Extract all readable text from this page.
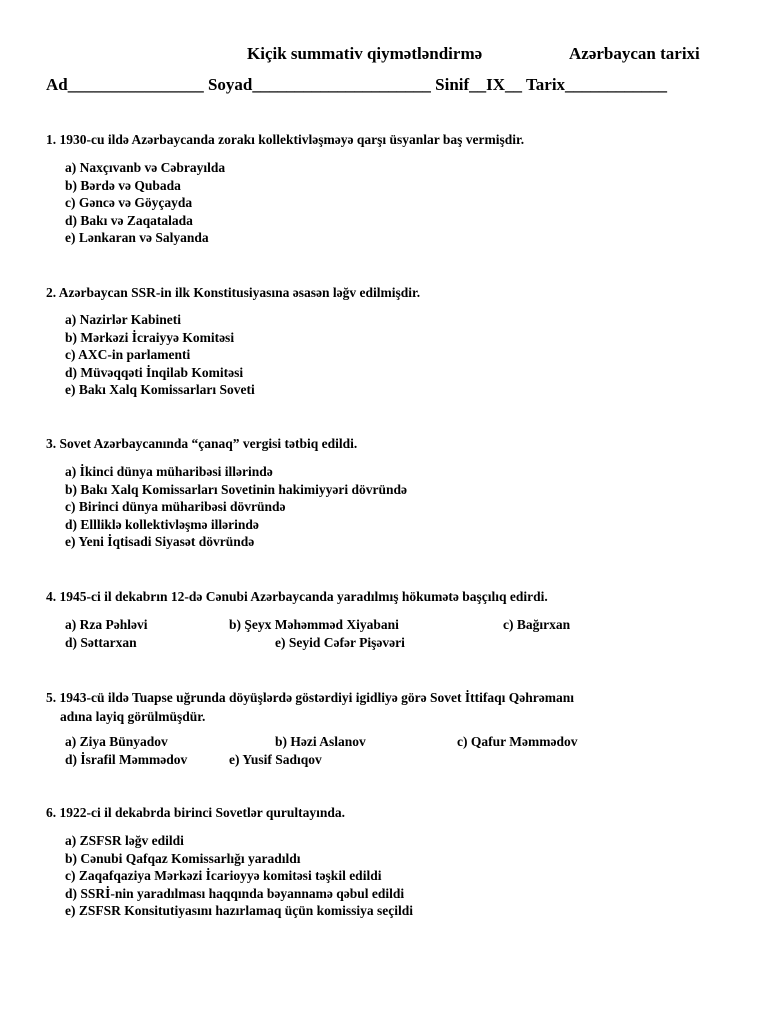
Kiçik summativ qiymətləndirmə	Azərbaycan tarixi
Ad________________ Soyad_____________________ Sinif__IX__ Tarix____________
1. 1930-cu ildə Azərbaycanda zorakı kollektivləşməyə qarşı üsyanlar baş vermişdir.
a) Naxçıvanb və Cəbrayılda
b) Bərdə və Qubada
c) Gəncə və Göyçayda
d) Bakı və Zaqatalada
e) Lənkaran və Salyanda
2. Azərbaycan SSR-in ilk Konstitusiyasına əsasən ləğv edilmişdir.
a) Nazirlər Kabineti
b) Mərkəzi İcraiyyə Komitəsi
c) AXC-in parlamenti
d) Müvəqqəti İnqilab Komitəsi
e) Bakı Xalq Komissarları Soveti
3. Sovet Azərbaycanında “çanaq” vergisi tətbiq edildi.
a) İkinci dünya müharibəsi illərində
b) Bakı Xalq Komissarları Sovetinin hakimiyyəri dövründə
c) Birinci dünya müharibəsi dövründə
d) Ellliklə kollektivləşmə illərində
e) Yeni İqtisadi Siyasət dövründə
4. 1945-ci il dekabrın 12-də Cənubi Azərbaycanda yaradılmış hökumətə başçılıq edirdi.
a) Rza Pəhləvi	b) Şeyx Məhəmməd Xiyabani	c) Bağırxan
d) Səttarxan	e) Seyid Cəfər Pişəvəri
5. 1943-cü ildə Tuapse uğrunda döyüşlərdə göstərdiyi igidliyə görə Sovet İttifaqı Qəhrəmanı
adına layiq görülmüşdür.
a) Ziya Bünyadov	b) Həzi Aslanov	c) Qafur Məmmədov
d) İsrafil Məmmədov	e) Yusif Sadıqov
6. 1922-ci il dekabrda birinci Sovetlər qurultayında.
a) ZSFSR ləğv edildi
b) Cənubi Qafqaz Komissarlığı yaradıldı
c) Zaqafqaziya Mərkəzi İcarioyyə komitəsi təşkil edildi
d) SSRİ-nin yaradılması haqqında bəyannamə qəbul edildi
e) ZSFSR Konsitutiyasını hazırlamaq üçün komissiya seçildi
